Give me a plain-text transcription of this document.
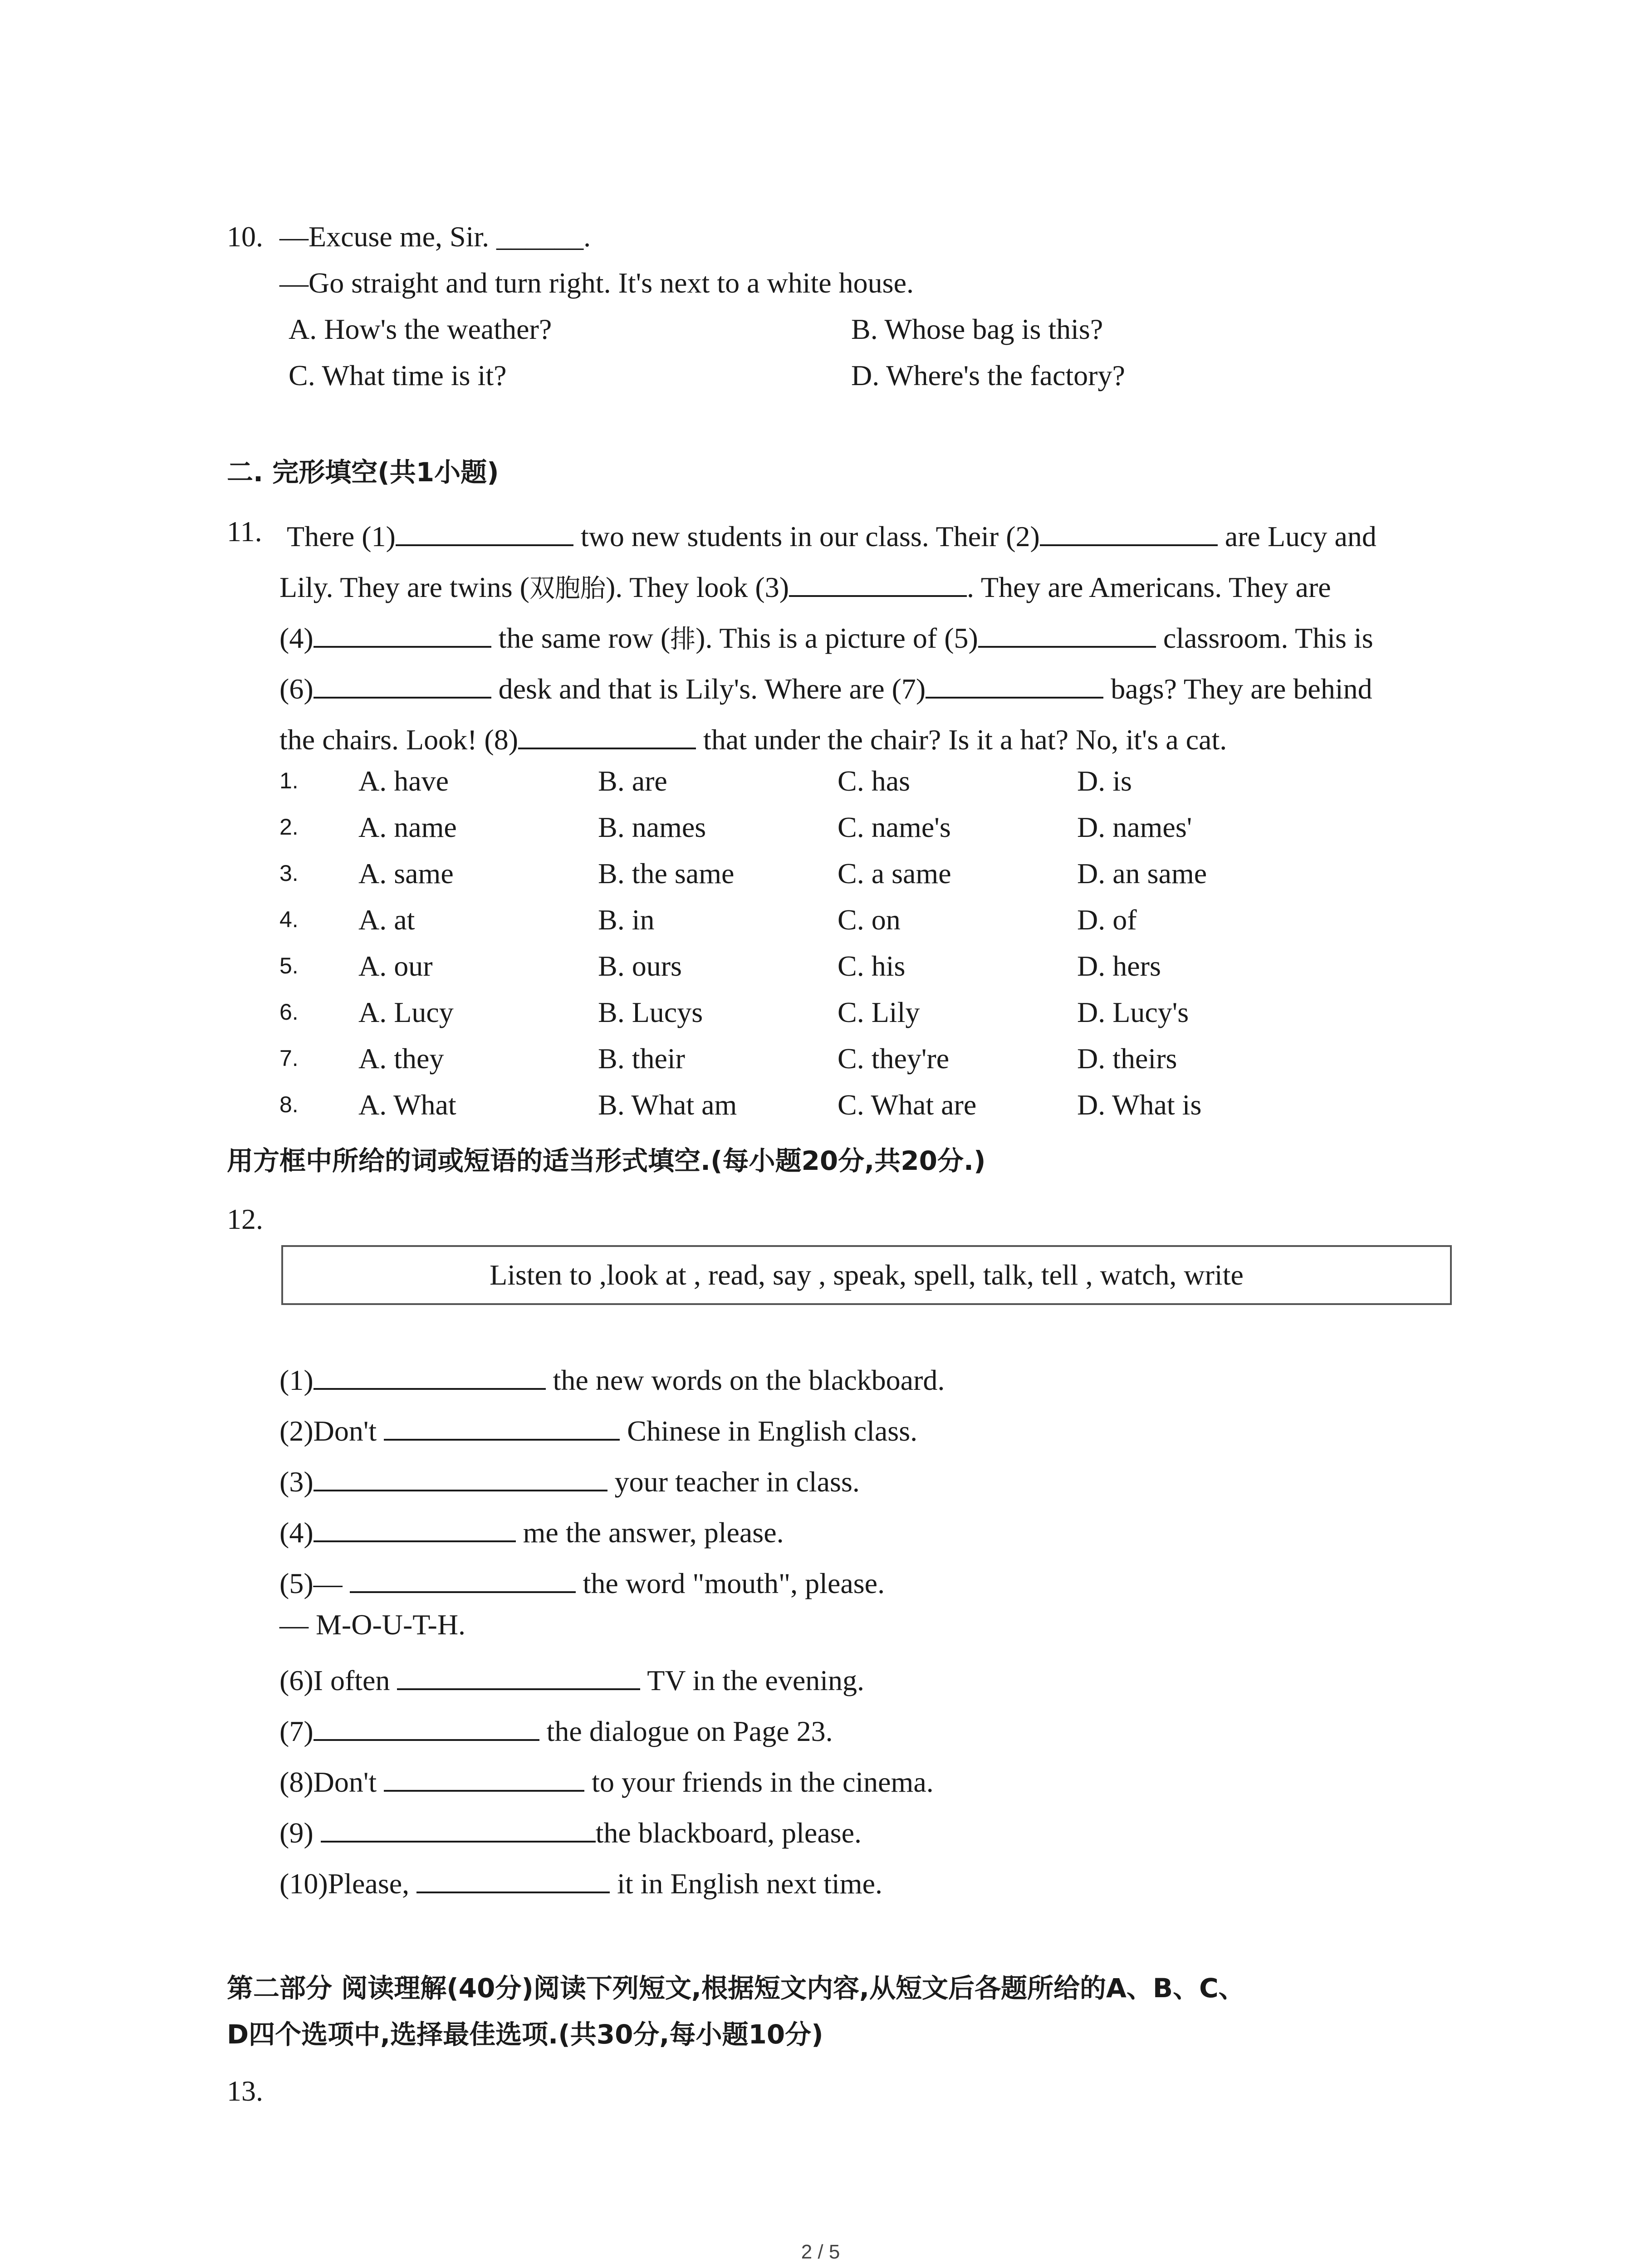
10. —Excuse me, Sir. ______.
—Go straight and turn right. It's next to a white house.
A. How's the weather?	B. Whose bag is this?
C. What time is it?	D. Where's the factory?
二. 完形填空(共1小题)
11. There (1)	two new students in our class. Their (2)	are Lucy and
Lily. They are twins (双胞胎). They look (3)	. They are Americans. They are
(4)	the same row (排). This is a picture of (5)	classroom. This is
(6)	desk and that is Lily's. Where are (7)	bags? They are behind
the chairs. Look! (8)	that under the chair? Is it a hat? No, it's a cat.
1. A. have	B. are	C. has	D. is
2. A. name	B. names	C. name's	D. names'
3. A. same	B. the same	C. a same	D. an same
4. A. at	B. in	C. on	D. of
5. A. our	B. ours	C. his	D. hers
6. A. Lucy	B. Lucys	C. Lily	D. Lucy's
7. A. they	B. their	C. they're	D. theirs
8. A. What	B. What am	C. What are	D. What is
用方框中所给的词或短语的适当形式填空.(每小题20分,共20分.)
12.
Listen to ,look at , read, say , speak, spell, talk, tell , watch, write
(1)	the new words on the blackboard.
(2)Don't	Chinese in English class.
(3)	your teacher in class.
(4)	me the answer, please.
(5)—	the word "mouth", please.
— M-O-U-T-H.
(6)I often	TV in the evening.
(7)	the dialogue on Page 23.
(8)Don't	to your friends in the cinema.
(9)	the blackboard, please.
(10)Please,	it in English next time.
第二部分 阅读理解(40分)阅读下列短文,根据短文内容,从短文后各题所给的A、B、C、
D四个选项中,选择最佳选项.(共30分,每小题10分)
13.
2 / 5
